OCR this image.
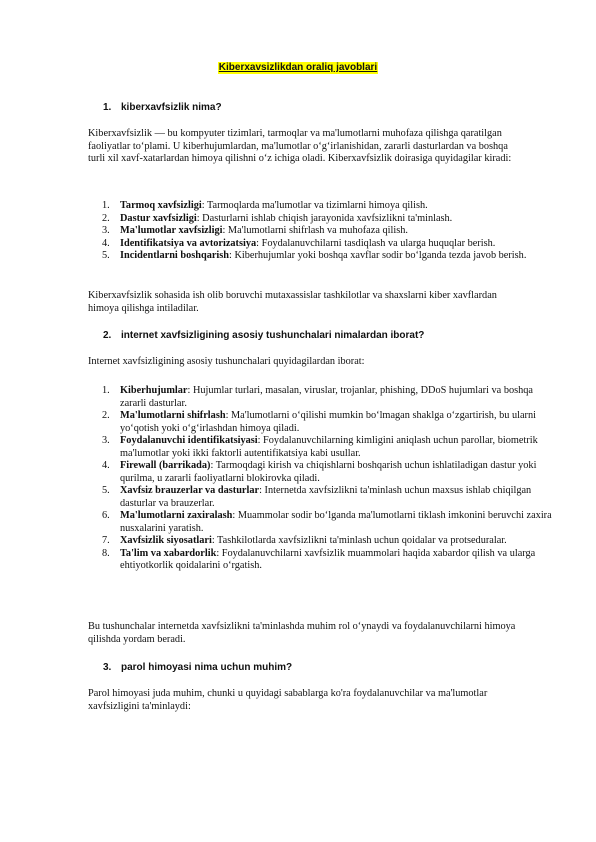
Kiberxavsizlikdan oraliq javoblari
1. kiberxavfsizlik nima?
Kiberxavfsizlik — bu kompyuter tizimlari, tarmoqlar va ma'lumotlarni muhofaza qilishga qaratilgan faoliyatlar to‘plami. U kiberhujumlardan, ma'lumotlar o‘g‘irlanishidan, zararli dasturlardan va boshqa turli xil xavf-xatarlardan himoya qilishni o‘z ichiga oladi. Kiberxavfsizlik doirasiga quyidagilar kiradi:
1. Tarmoq xavfsizligi: Tarmoqlarda ma'lumotlar va tizimlarni himoya qilish.
2. Dastur xavfsizligi: Dasturlarni ishlab chiqish jarayonida xavfsizlikni ta'minlash.
3. Ma'lumotlar xavfsizligi: Ma'lumotlarni shifrlash va muhofaza qilish.
4. Identifikatsiya va avtorizatsiya: Foydalanuvchilarni tasdiqlash va ularga huquqlar berish.
5. Incidentlarni boshqarish: Kiberhujumlar yoki boshqa xavflar sodir bo‘lganda tezda javob berish.
Kiberxavfsizlik sohasida ish olib boruvchi mutaxassislar tashkilotlar va shaxslarni kiber xavflardan himoya qilishga intiladilar.
2. internet xavfsizligining asosiy tushunchalari nimalardan iborat?
Internet xavfsizligining asosiy tushunchalari quyidagilardan iborat:
1. Kiberhujumlar: Hujumlar turlari, masalan, viruslar, trojanlar, phishing, DDoS hujumlari va boshqa zararli dasturlar.
2. Ma'lumotlarni shifrlash: Ma'lumotlarni o‘qilishi mumkin bo‘lmagan shaklga o‘zgartirish, bu ularni yo‘qotish yoki o‘g‘irlashdan himoya qiladi.
3. Foydalanuvchi identifikatsiyasi: Foydalanuvchilarning kimligini aniqlash uchun parollar, biometrik ma'lumotlar yoki ikki faktorli autentifikatsiya kabi usullar.
4. Firewall (barrikada): Tarmoqdagi kirish va chiqishlarni boshqarish uchun ishlatiladigan dastur yoki qurilma, u zararli faoliyatlarni blokirovka qiladi.
5. Xavfsiz brauzerlar va dasturlar: Internetda xavfsizlikni ta'minlash uchun maxsus ishlab chiqilgan dasturlar va brauzerlar.
6. Ma'lumotlarni zaxiralash: Muammolar sodir bo‘lganda ma'lumotlarni tiklash imkonini beruvchi zaxira nusxalarini yaratish.
7. Xavfsizlik siyosatlari: Tashkilotlarda xavfsizlikni ta'minlash uchun qoidalar va protseduralar.
8. Ta'lim va xabardorlik: Foydalanuvchilarni xavfsizlik muammolari haqida xabardor qilish va ularga ehtiyotkorlik qoidalarini o‘rgatish.
Bu tushunchalar internetda xavfsizlikni ta'minlashda muhim rol o‘ynaydi va foydalanuvchilarni himoya qilishda yordam beradi.
3. parol himoyasi nima uchun muhim?
Parol himoyasi juda muhim, chunki u quyidagi sabablarga ko'ra foydalanuvchilar va ma'lumotlar xavfsizligini ta'minlaydi:
